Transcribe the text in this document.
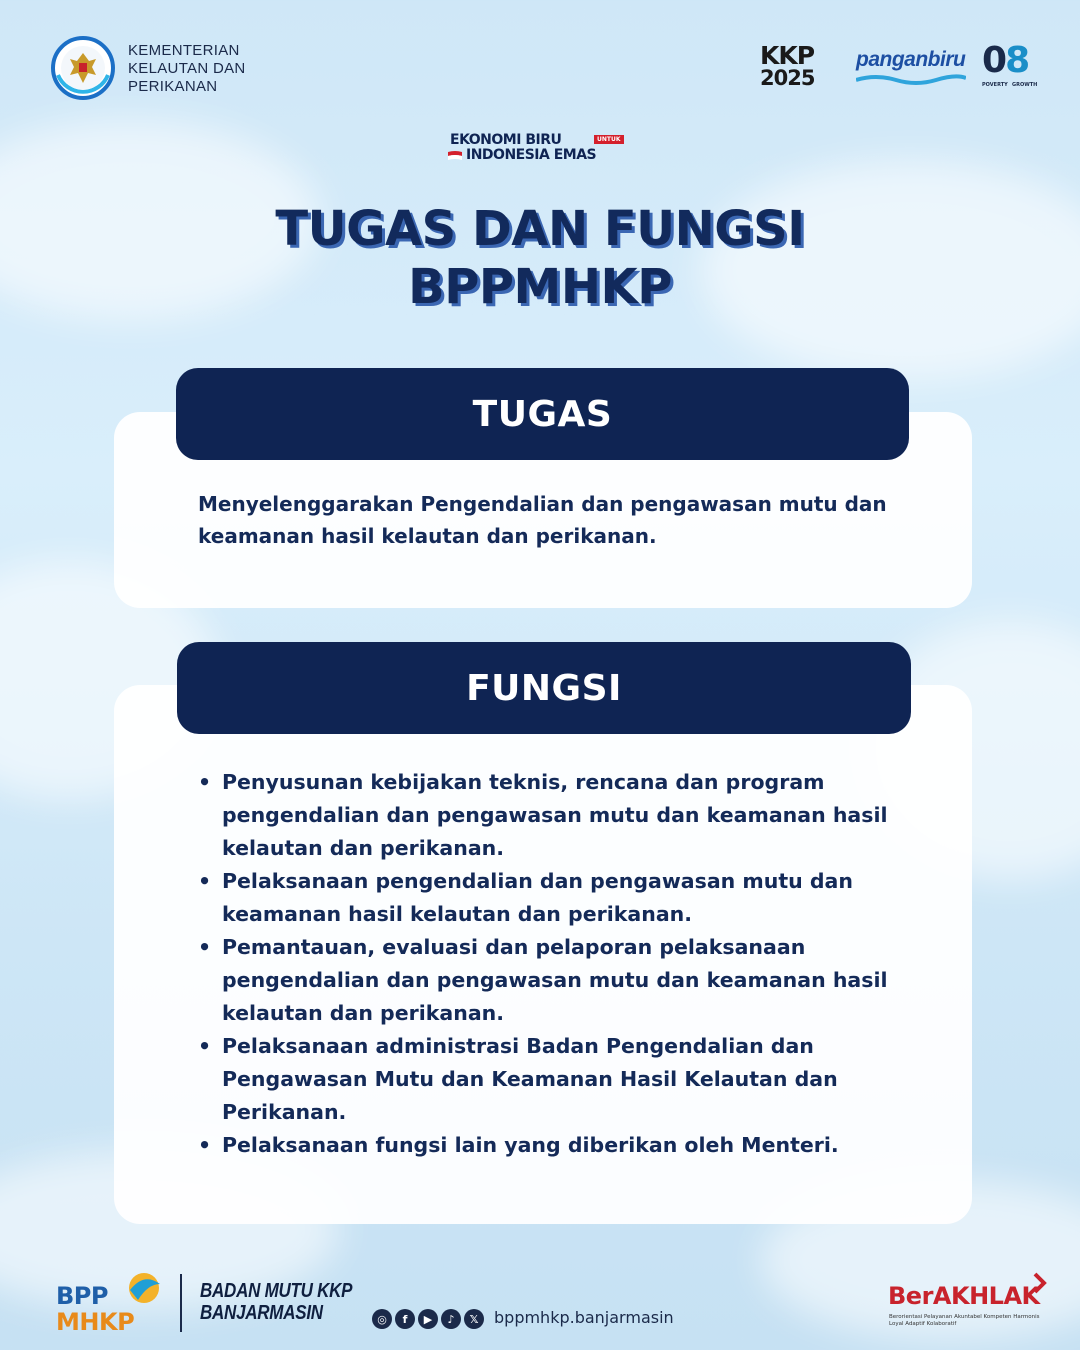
KEMENTERIAN
KELAUTAN DAN
PERIKANAN
KKP
2025
panganbiru 08
POVERTY GROWTH
EKONOMI BIRU	UNTUK
INDONESIA EMAS
TUGAS DAN FUNGSI
BPPMHKP
TUGAS
Menyelenggarakan Pengendalian dan pengawasan mutu dan keamanan hasil kelautan dan perikanan.
FUNGSI
• Penyusunan kebijakan teknis, rencana dan program pengendalian dan pengawasan mutu dan keamanan hasil kelautan dan perikanan.
• Pelaksanaan pengendalian dan pengawasan mutu dan keamanan hasil kelautan dan perikanan.
• Pemantauan, evaluasi dan pelaporan pelaksanaan pengendalian dan pengawasan mutu dan keamanan hasil kelautan dan perikanan.
• Pelaksanaan administrasi Badan Pengendalian dan Pengawasan Mutu dan Keamanan Hasil Kelautan dan Perikanan.
• Pelaksanaan fungsi lain yang diberikan oleh Menteri.
BPP
MHKP
BADAN MUTU KKP
BANJARMASIN	◎	f	▶	♪	𝕏 bppmhkp.banjarmasin
BerAKHLAK
Berorientasi Pelayanan Akuntabel Kompeten Harmonis Loyal Adaptif Kolaboratif
